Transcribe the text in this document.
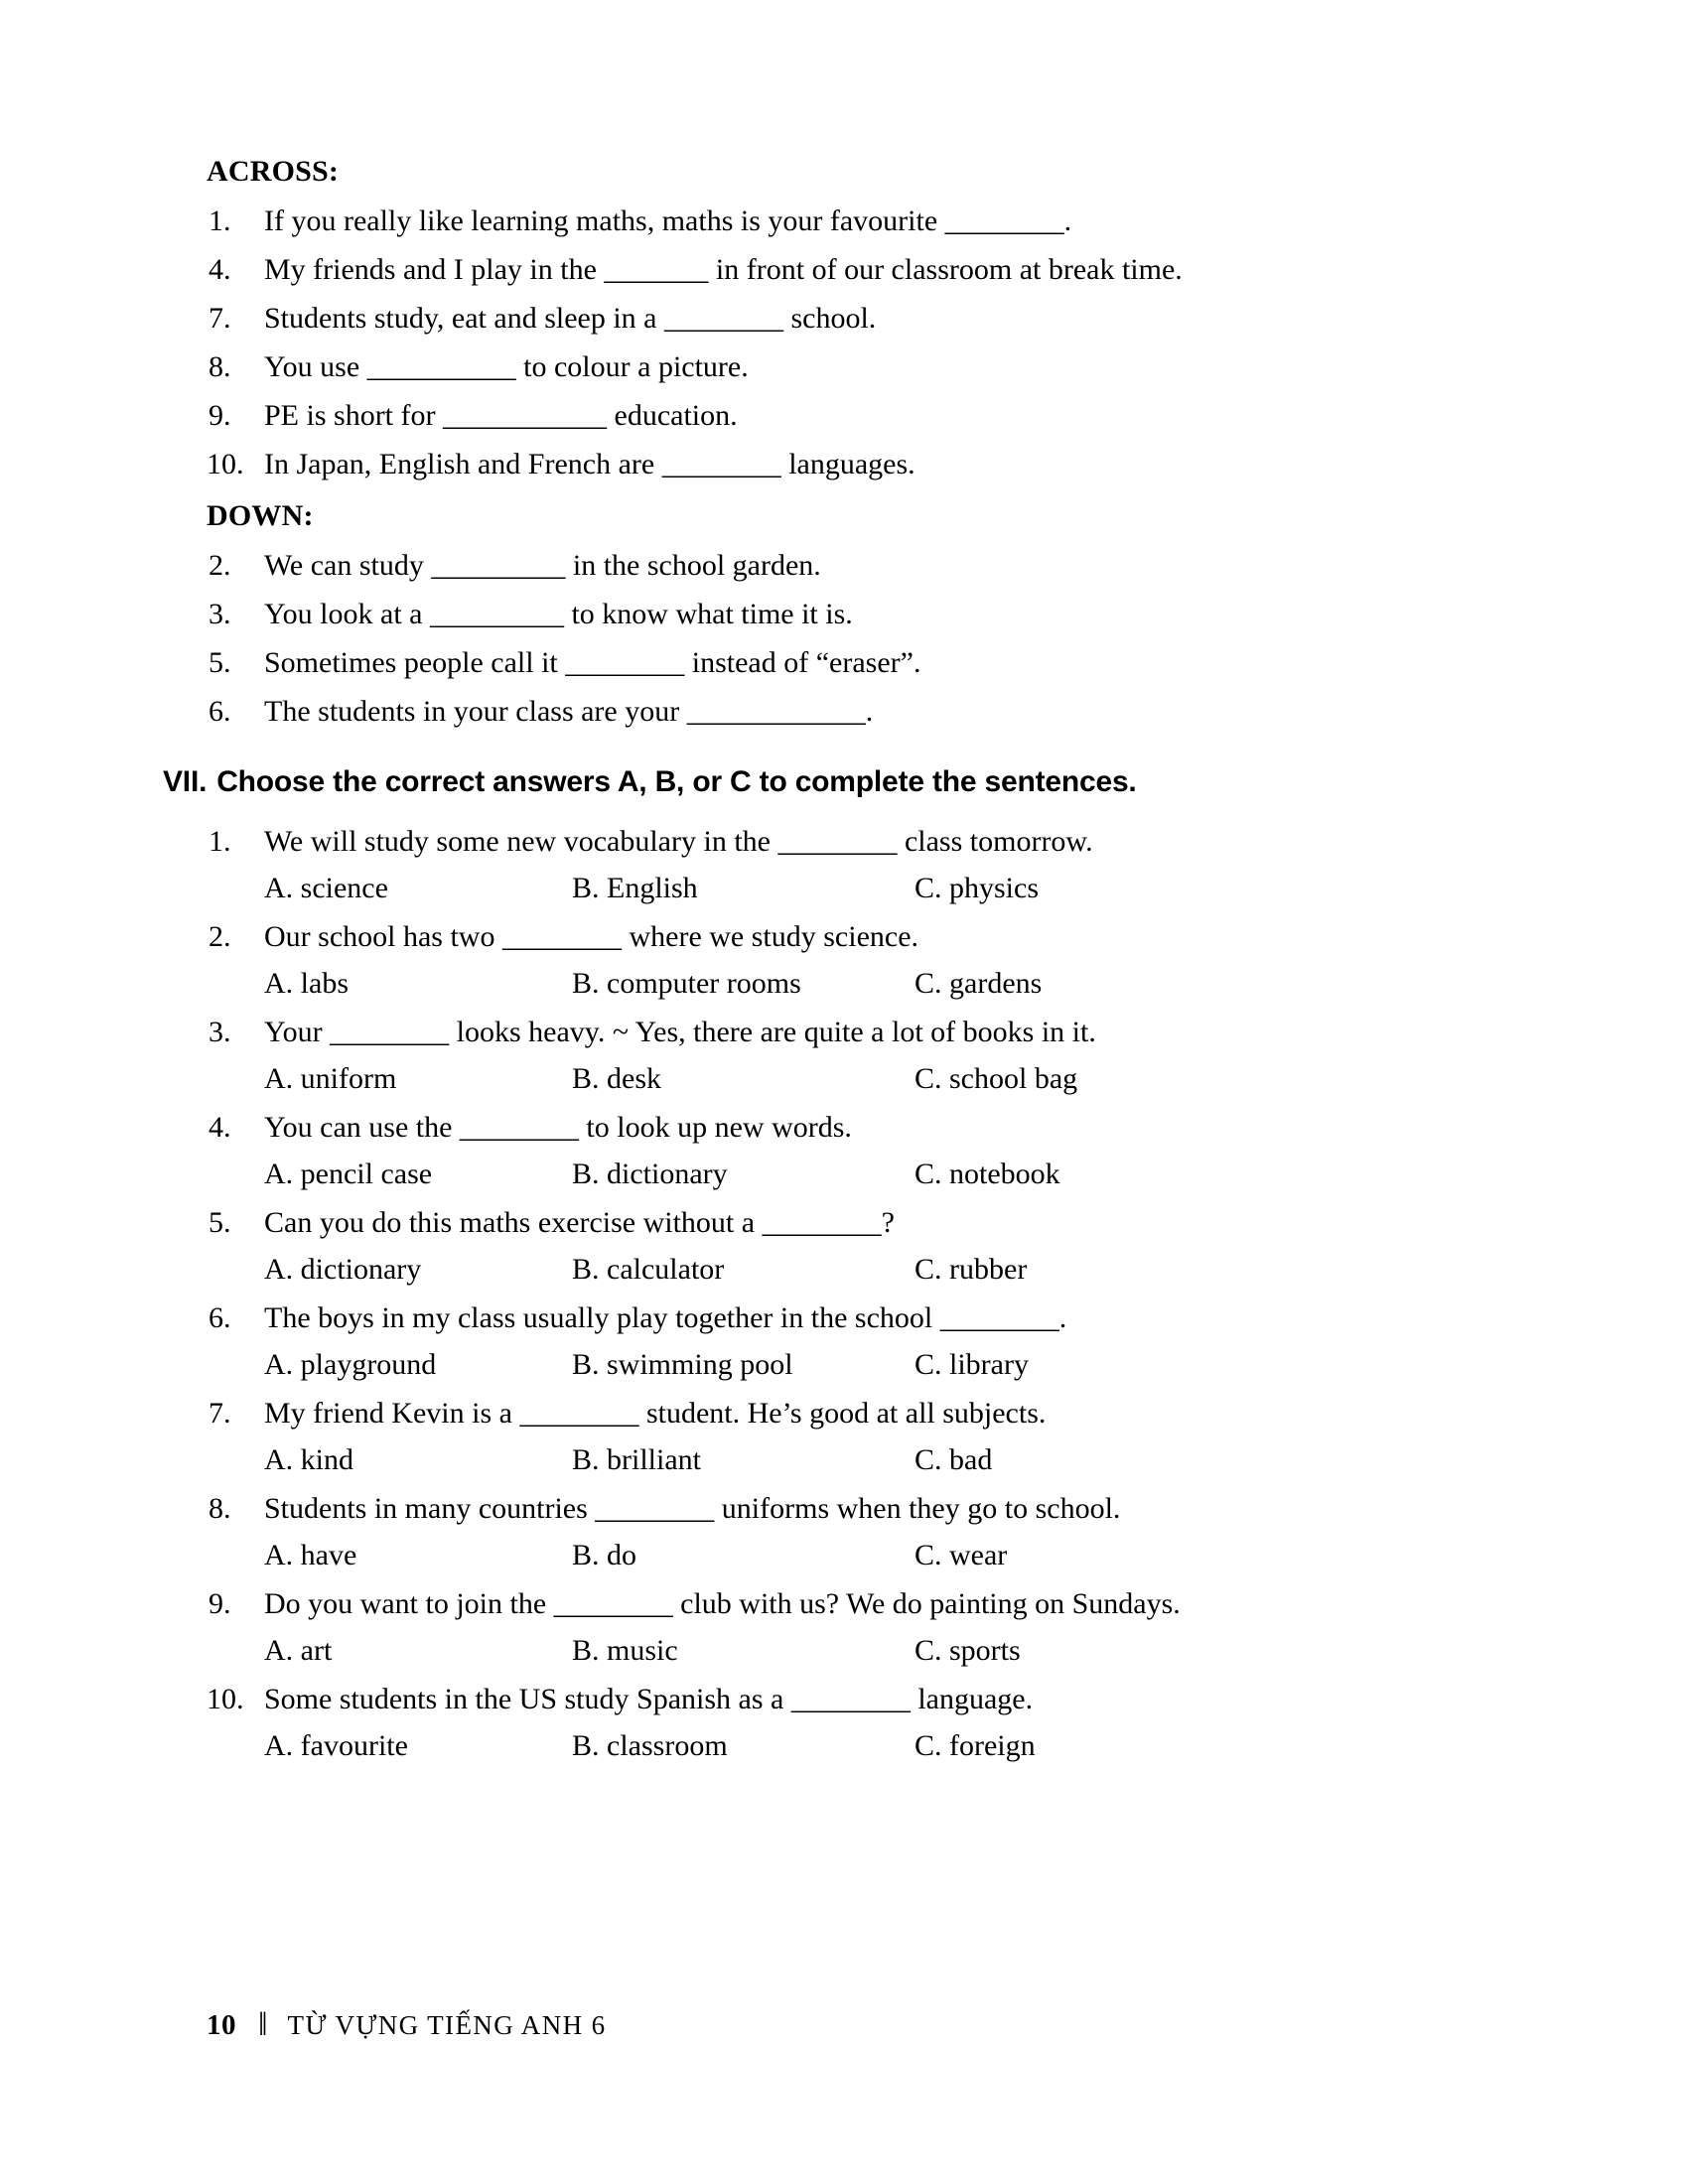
ACROSS:
1.	If you really like learning maths, maths is your favourite ________.
4.	My friends and I play in the _______ in front of our classroom at break time.
7.	Students study, eat and sleep in a ________ school.
8.	You use __________ to colour a picture.
9.	PE is short for ___________ education.
10. In Japan, English and French are ________ languages.
DOWN:
2.	We can study _________ in the school garden.
3.	You look at a _________ to know what time it is.
5.	Sometimes people call it ________ instead of “eraser”.
6.	The students in your class are your ____________.
VII. Choose the correct answers A, B, or C to complete the sentences.
1.	We will study some new vocabulary in the ________ class tomorrow.
A. science	B. English	C. physics
2.	Our school has two ________ where we study science.
A. labs	B. computer rooms	C. gardens
3.	Your ________ looks heavy. ~ Yes, there are quite a lot of books in it.
A. uniform	B. desk	C. school bag
4.	You can use the ________ to look up new words.
A. pencil case	B. dictionary	C. notebook
5.	Can you do this maths exercise without a ________?
A. dictionary	B. calculator	C. rubber
6.	The boys in my class usually play together in the school ________.
A. playground	B. swimming pool	C. library
7.	My friend Kevin is a ________ student. He’s good at all subjects.
A. kind	B. brilliant	C. bad
8.	Students in many countries ________ uniforms when they go to school.
A. have	B. do	C. wear
9.	Do you want to join the ________ club with us? We do painting on Sundays.
A. art	B. music	C. sports
10. Some students in the US study Spanish as a ________ language.
A. favourite	B. classroom	C. foreign
10 ‖ TỪ VỰNG TIẾNG ANH 6
